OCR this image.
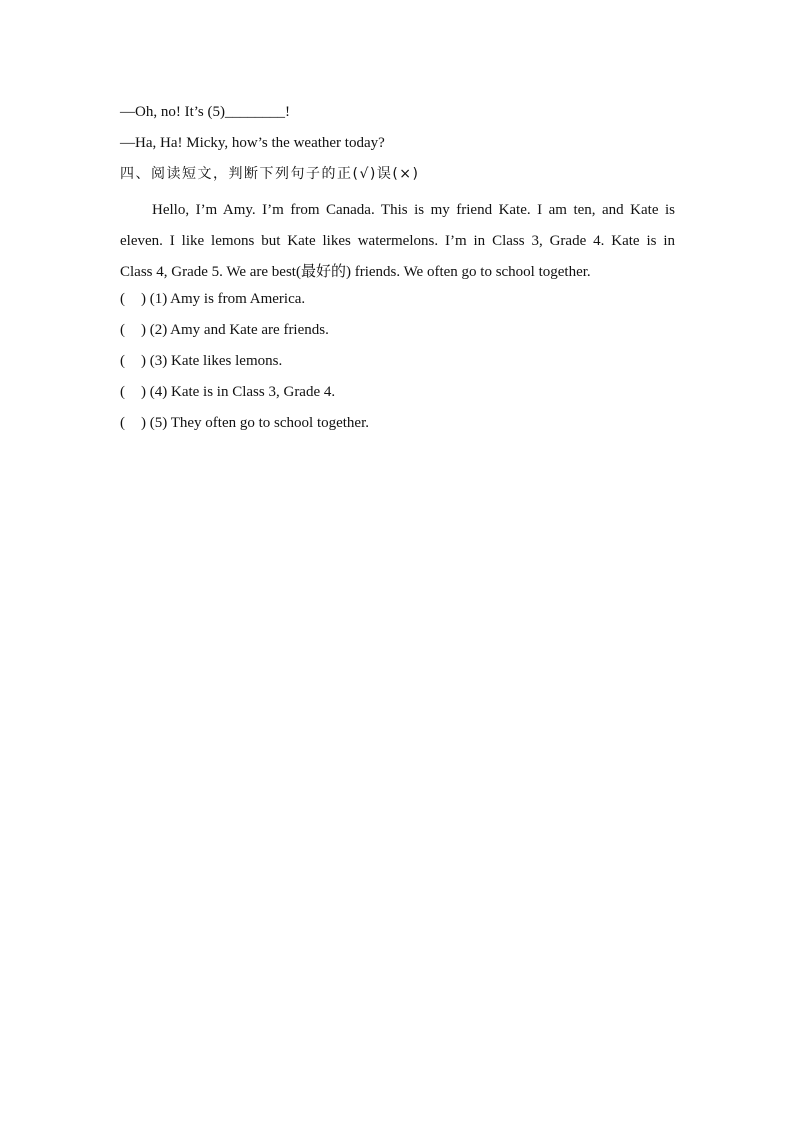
—Oh, no! It’s (5)________!
—Ha, Ha! Micky, how’s the weather today?
四、阅读短文，判断下列句子的正(√)误(×)
Hello, I’m Amy. I’m from Canada. This is my friend Kate. I am ten, and Kate is
eleven. I like lemons but Kate likes watermelons. I’m in Class 3, Grade 4. Kate is in
Class 4, Grade 5. We are best(最好的) friends. We often go to school together.
( ) (1) Amy is from America.
( ) (2) Amy and Kate are friends.
( ) (3) Kate likes lemons.
( ) (4) Kate is in Class 3, Grade 4.
( ) (5) They often go to school together.
